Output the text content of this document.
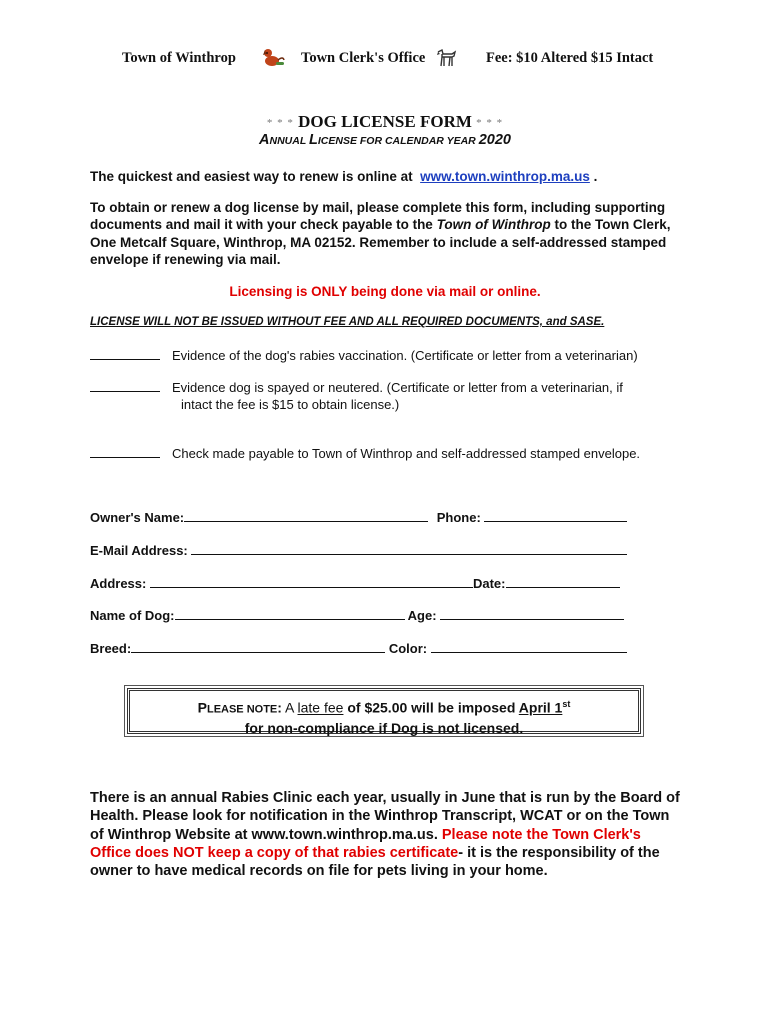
Town of Winthrop	Town Clerk's Office	Fee: $10 Altered $15 Intact
* * * DOG LICENSE FORM * * *
ANNUAL LICENSE FOR CALENDAR YEAR 2020
The quickest and easiest way to renew is online at www.town.winthrop.ma.us .
To obtain or renew a dog license by mail, please complete this form, including supporting documents and mail it with your check payable to the Town of Winthrop to the Town Clerk, One Metcalf Square, Winthrop, MA 02152. Remember to include a self-addressed stamped envelope if renewing via mail.
Licensing is ONLY being done via mail or online.
LICENSE WILL NOT BE ISSUED WITHOUT FEE AND ALL REQUIRED DOCUMENTS, and SASE.
Evidence of the dog's rabies vaccination. (Certificate or letter from a veterinarian)
Evidence dog is spayed or neutered. (Certificate or letter from a veterinarian, if
intact the fee is $15 to obtain license.)
Check made payable to Town of Winthrop and self-addressed stamped envelope.
Owner's Name:	Phone:
E-Mail Address:
Address:	Date:
Name of Dog:	Age:
Breed:	Color:
PLEASE NOTE: A late fee of $25.00 will be imposed April 1st
for non-compliance if Dog is not licensed.
There is an annual Rabies Clinic each year, usually in June that is run by the Board of Health. Please look for notification in the Winthrop Transcript, WCAT or on the Town of Winthrop Website at www.town.winthrop.ma.us. Please note the Town Clerk's Office does NOT keep a copy of that rabies certificate- it is the responsibility of the owner to have medical records on file for pets living in your home.
